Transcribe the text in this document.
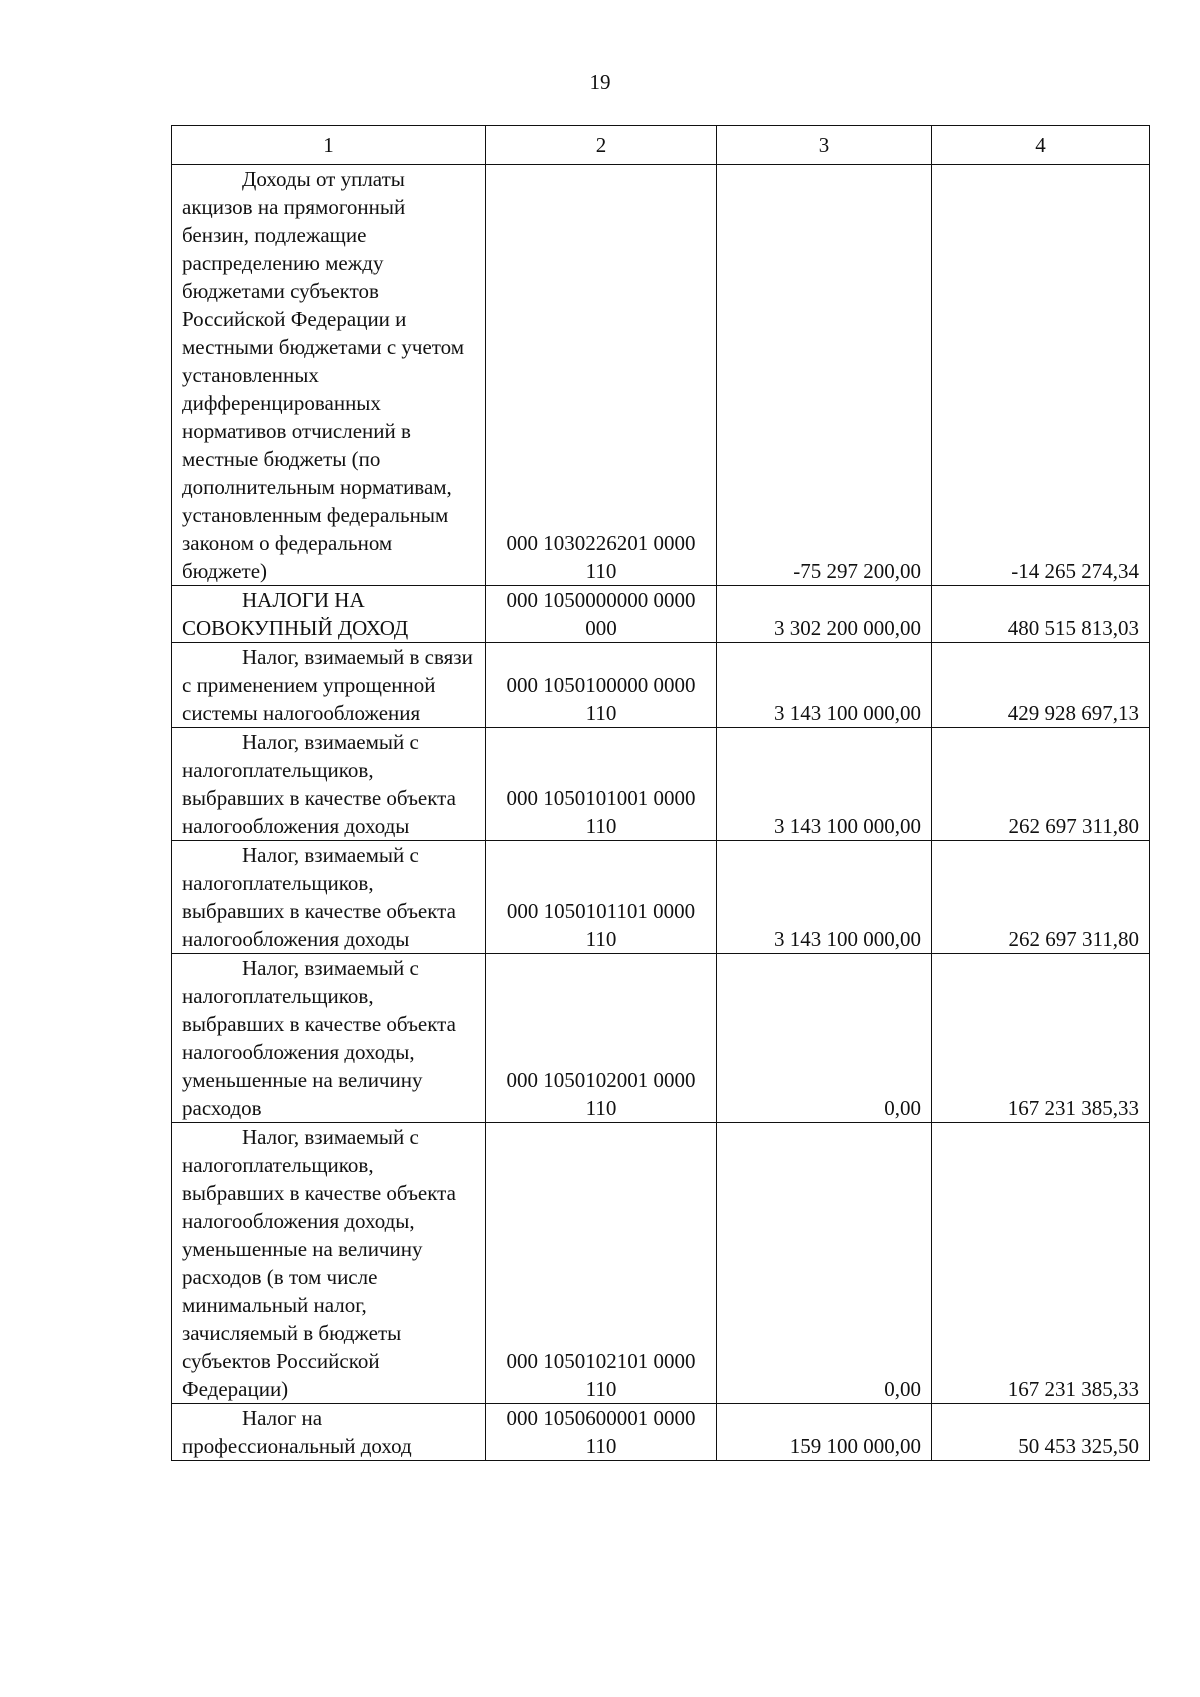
19
1	2	3	4
Доходы от уплаты акцизов на прямогонный бензин, подлежащие распределению между бюджетами субъектов Российской Федерации и местными бюджетами с учетом установленных дифференцированных нормативов отчислений в местные бюджеты (по дополнительным нормативам, установленным федеральным законом о федеральном бюджете)	000 1030226201 0000 110	-75 297 200,00	-14 265 274,34
НАЛОГИ НА СОВОКУПНЫЙ ДОХОД	000 1050000000 0000 000	3 302 200 000,00	480 515 813,03
Налог, взимаемый в связи с применением упрощенной системы налогообложения	000 1050100000 0000 110	3 143 100 000,00	429 928 697,13
Налог, взимаемый с налогоплательщиков, выбравших в качестве объекта налогообложения доходы	000 1050101001 0000 110	3 143 100 000,00	262 697 311,80
Налог, взимаемый с налогоплательщиков, выбравших в качестве объекта налогообложения доходы	000 1050101101 0000 110	3 143 100 000,00	262 697 311,80
Налог, взимаемый с налогоплательщиков, выбравших в качестве объекта налогообложения доходы, уменьшенные на величину расходов	000 1050102001 0000 110	0,00	167 231 385,33
Налог, взимаемый с налогоплательщиков, выбравших в качестве объекта налогообложения доходы, уменьшенные на величину расходов (в том числе минимальный налог, зачисляемый в бюджеты субъектов Российской Федерации)	000 1050102101 0000 110	0,00	167 231 385,33
Налог на профессиональный доход	000 1050600001 0000 110	159 100 000,00	50 453 325,50
